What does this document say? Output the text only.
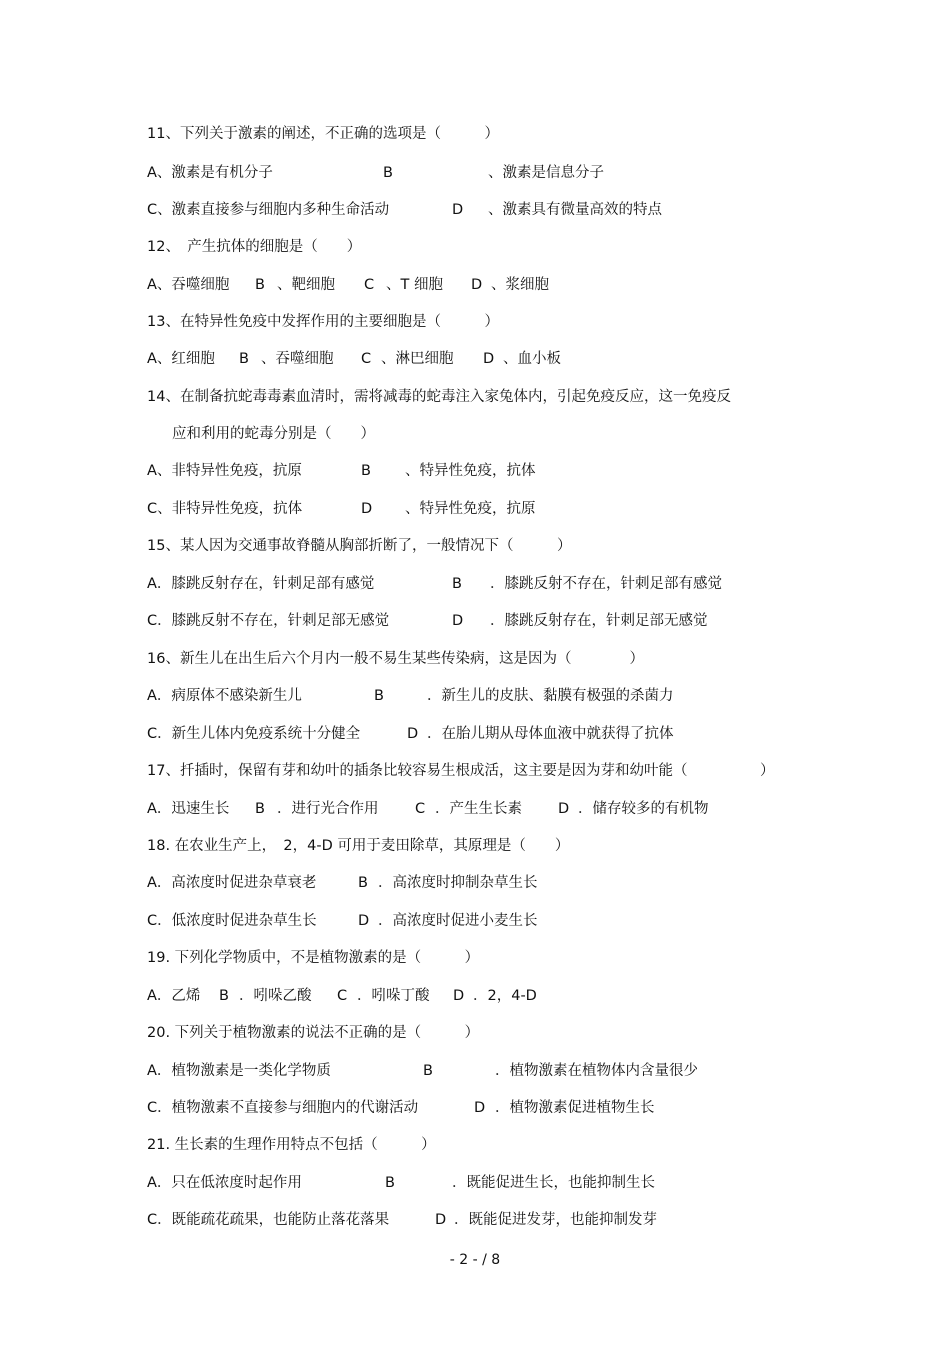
11、下列关于激素的阐述，不正确的选项是（　　　）
A、激素是有机分子	B	、激素是信息分子
C、激素直接参与细胞内多种生命活动	D 、激素具有微量高效的特点
12、　产生抗体的细胞是（　　）
A、吞噬细胞 B 、靶细胞 C 、T 细胞 D 、浆细胞
13、在特异性免疫中发挥作用的主要细胞是（　　　）
A、红细胞 B 、吞噬细胞 C 、淋巴细胞 D 、血小板
14、在制备抗蛇毒毒素血清时，需将减毒的蛇毒注入家兔体内，引起免疫反应，这一免疫反
应和利用的蛇毒分别是（　　）
A、非特异性免疫，抗原	B 、特异性免疫，抗体
C、非特异性免疫，抗体	D 、特异性免疫，抗原
15、某人因为交通事故脊髓从胸部折断了，一般情况下（　　　）
A．膝跳反射存在，针刺足部有感觉	B ．膝跳反射不存在，针刺足部有感觉
C．膝跳反射不存在，针刺足部无感觉	D ．膝跳反射存在，针刺足部无感觉
16、新生儿在出生后六个月内一般不易生某些传染病，这是因为（　　　　）
A．病原体不感染新生儿	B	．新生儿的皮肤、黏膜有极强的杀菌力
C．新生儿体内免疫系统十分健全	D ．在胎儿期从母体血液中就获得了抗体
17、扦插时，保留有芽和幼叶的插条比较容易生根成活，这主要是因为芽和幼叶能（　　　　　）
A．迅速生长 B ．进行光合作用	C ．产生生长素 D ．储存较多的有机物
18. 在农业生产上，　2，4-D 可用于麦田除草，其原理是（　　）
A．高浓度时促进杂草衰老	B ．高浓度时抑制杂草生长
C．低浓度时促进杂草生长	D ．高浓度时促进小麦生长
19. 下列化学物质中，不是植物激素的是（　　　）
A．乙烯 B ．吲哚乙酸 C ．吲哚丁酸 D ．2，4-D
20. 下列关于植物激素的说法不正确的是（　　　）
A．植物激素是一类化学物质	B	．植物激素在植物体内含量很少
C．植物激素不直接参与细胞内的代谢活动	D ．植物激素促进植物生长
21. 生长素的生理作用特点不包括（　　　）
A．只在低浓度时起作用	B	．既能促进生长，也能抑制生长
C．既能疏花疏果，也能防止落花落果	D ．既能促进发芽，也能抑制发芽
- 2 - / 8
